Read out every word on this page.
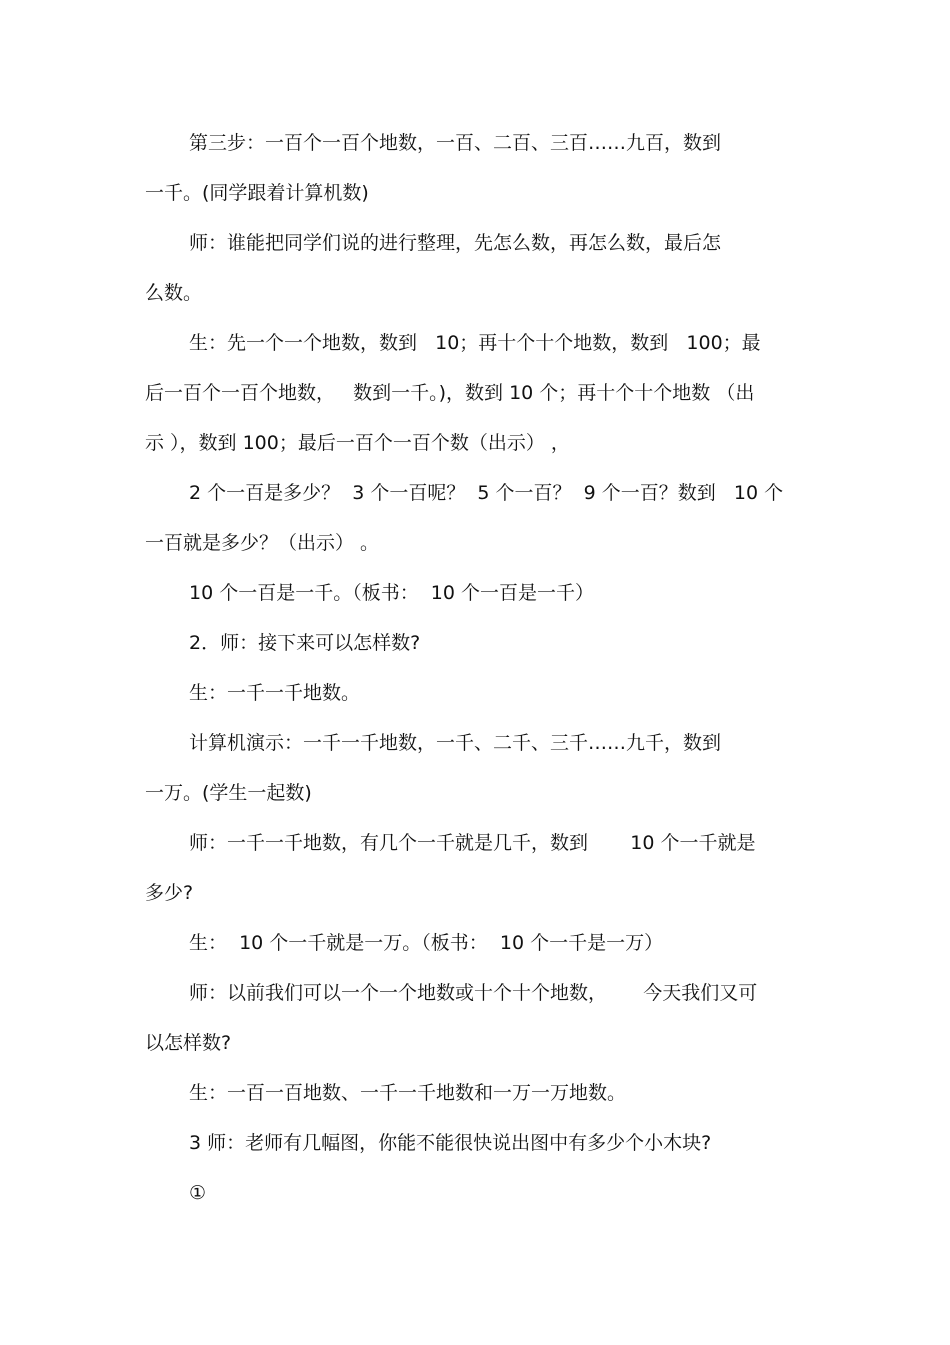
第三步：一百个一百个地数，一百、二百、三百……九百，数到
一千。(同学跟着计算机数)
师：谁能把同学们说的进行整理，先怎么数，再怎么数，最后怎
么数。
生：先一个一个地数，数到   10；再十个十个地数，数到   100；最
后一百个一百个地数，   数到一千。)，数到 10 个；再十个十个地数 （出
示 ），数到 100；最后一百个一百个数（出示） ，
2 个一百是多少？  3 个一百呢？  5 个一百？  9 个一百？数到   10 个
一百就是多少？（出示） 。
10 个一百是一千。（板书：  10 个一百是一千）
2．师：接下来可以怎样数?
生：一千一千地数。
计算机演示：一千一千地数，一千、二千、三千……九千，数到
一万。(学生一起数)
师：一千一千地数，有几个一千就是几千，数到       10 个一千就是
多少?
生：  10 个一千就是一万。（板书：  10 个一千是一万）
师：以前我们可以一个一个地数或十个十个地数，      今天我们又可
以怎样数?
生：一百一百地数、一千一千地数和一万一万地数。
3 师：老师有几幅图，你能不能很快说出图中有多少个小木块?
①
